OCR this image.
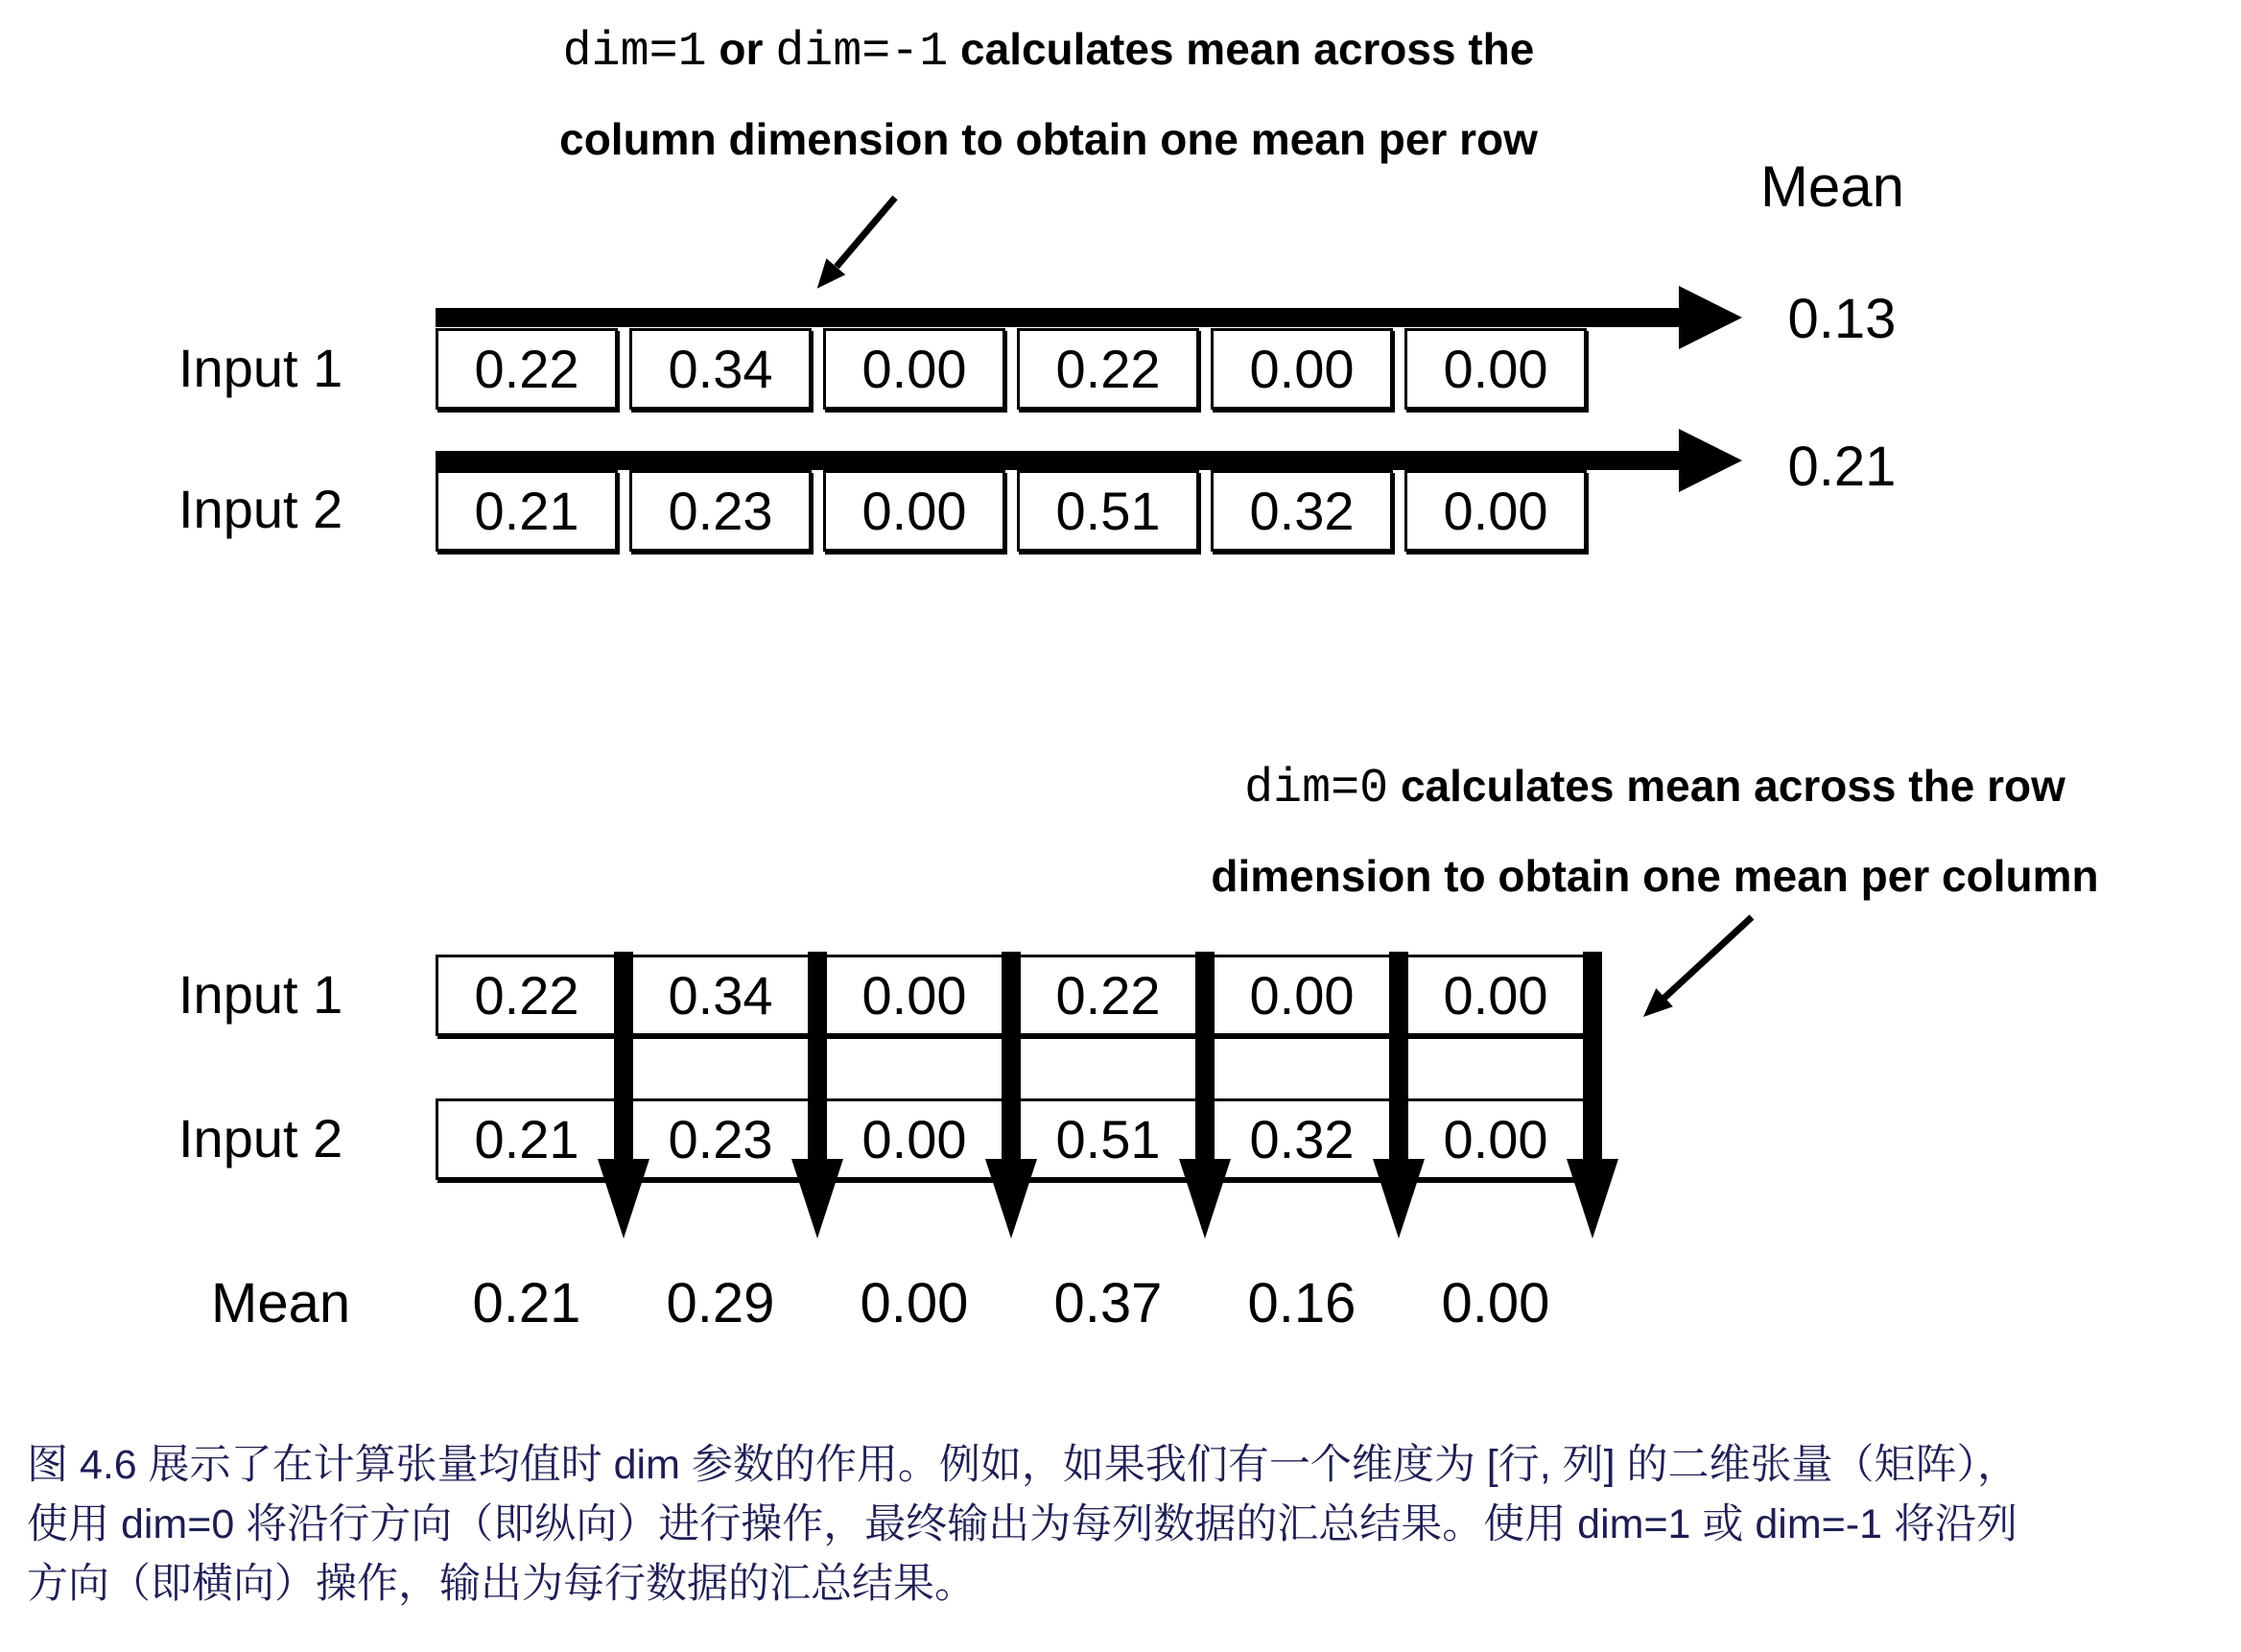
dim=1 or dim=-1 calculates mean across the
column dimension to obtain one mean per row
Mean
Input 1	0.22	0.34	0.00	0.22	0.00	0.00
0.13
Input 2	0.21	0.23	0.00	0.51	0.32	0.00
0.21
dim=0 calculates mean across the row
dimension to obtain one mean per column
Input 1	0.22	0.34	0.00	0.22	0.00	0.00
Input 2	0.21	0.23	0.00	0.51	0.32	0.00
Mean	0.21	0.29	0.00	0.37	0.16	0.00
图 4.6 展示了在计算张量均值时 dim 参数的作用。例如，如果我们有一个维度为 [行, 列] 的二维张量（矩阵），
使用 dim=0 将沿行方向（即纵向）进行操作，最终输出为每列数据的汇总结果。使用 dim=1 或 dim=-1 将沿列
方向（即横向）操作，输出为每行数据的汇总结果。
